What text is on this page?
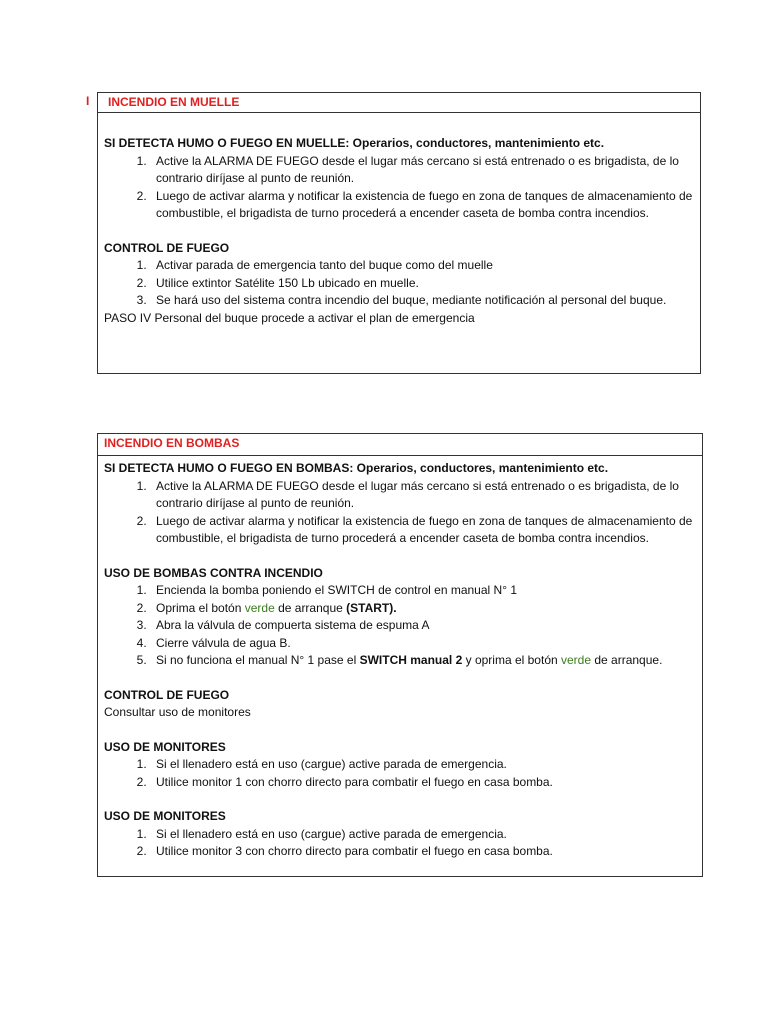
I	INCENDIO EN MUELLE
SI DETECTA HUMO O FUEGO EN MUELLE: Operarios, conductores, mantenimiento etc.
1. Active la ALARMA DE FUEGO desde el lugar más cercano si está entrenado o es brigadista, de lo contrario diríjase al punto de reunión.
2. Luego de activar alarma y notificar la existencia de fuego en zona de tanques de almacenamiento de combustible, el brigadista de turno procederá a encender caseta de bomba contra incendios.
CONTROL DE FUEGO
1. Activar parada de emergencia tanto del buque como del muelle
2. Utilice extintor Satélite 150 Lb ubicado en muelle.
3. Se hará uso del sistema contra incendio del buque, mediante notificación al personal del buque.
PASO IV Personal del buque procede a activar el plan de emergencia
INCENDIO EN BOMBAS
SI DETECTA HUMO O FUEGO EN BOMBAS: Operarios, conductores, mantenimiento etc.
1. Active la ALARMA DE FUEGO desde el lugar más cercano si está entrenado o es brigadista, de lo contrario diríjase al punto de reunión.
2. Luego de activar alarma y notificar la existencia de fuego en zona de tanques de almacenamiento de combustible, el brigadista de turno procederá a encender caseta de bomba contra incendios.
USO DE BOMBAS CONTRA INCENDIO
1. Encienda la bomba poniendo el SWITCH de control en manual N° 1
2. Oprima el botón verde de arranque (START).
3. Abra la válvula de compuerta sistema de espuma A
4. Cierre válvula de agua B.
5. Si no funciona el manual N° 1 pase el SWITCH manual 2 y oprima el botón verde de arranque.
CONTROL DE FUEGO
Consultar uso de monitores
USO DE MONITORES
1. Si el llenadero está en uso (cargue) active parada de emergencia.
2. Utilice monitor 1 con chorro directo para combatir el fuego en casa bomba.
USO DE MONITORES
1. Si el llenadero está en uso (cargue) active parada de emergencia.
2. Utilice monitor 3 con chorro directo para combatir el fuego en casa bomba.
